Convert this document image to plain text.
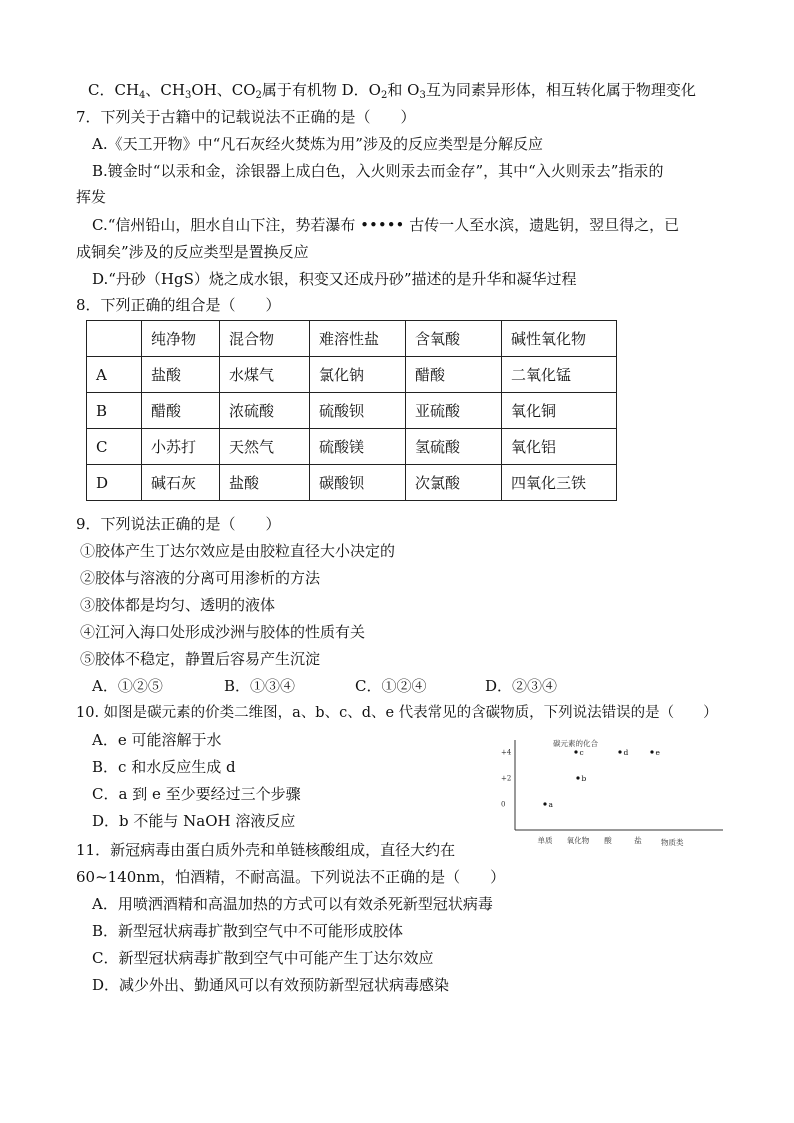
C．$CH_4$、$CH_3OH$、$CO_2$属于有机物 D．$O_2$和 $O_3$互为同素异形体，相互转化属于物理变化
7．下列关于古籍中的记载说法不正确的是（　　）
A.《天工开物》中“凡石灰经火焚炼为用”涉及的反应类型是分解反应
B.镀金时“以汞和金，涂银器上成白色，入火则汞去而金存”，其中“入火则汞去”指汞的
挥发
C.“信州铅山，胆水自山下注，势若瀑布 ••••• 古传一人至水滨，遗匙钥，翌旦得之，已
成铜矣”涉及的反应类型是置换反应
D.“丹砂（HgS）烧之成水银，积变又还成丹砂”描述的是升华和凝华过程
8．下列正确的组合是（　　）
	纯净物	混合物	难溶性盐	含氧酸	碱性氧化物
A	盐酸	水煤气	氯化钠	醋酸	二氧化锰
B	醋酸	浓硫酸	硫酸钡	亚硫酸	氧化铜
C	小苏打	天然气	硫酸镁	氢硫酸	氧化铝
D	碱石灰	盐酸	碳酸钡	次氯酸	四氧化三铁
9．下列说法正确的是（　　）
①胶体产生丁达尔效应是由胶粒直径大小决定的
②胶体与溶液的分离可用渗析的方法
③胶体都是均匀、透明的液体
④江河入海口处形成沙洲与胶体的性质有关
⑤胶体不稳定，静置后容易产生沉淀
A．①②⑤	B．①③④	C．①②④	D．②③④
10. 如图是碳元素的价类二维图，a、b、c、d、e 代表常见的含碳物质，下列说法错误的是（　　）
A．e 可能溶解于水
B．c 和水反应生成 d
C．a 到 e 至少要经过三个步骤
D．b 不能与 NaOH 溶液反应
碳元素的化合
物质类
+4
+2
0
单质 氧化物 酸	盐
a
b
c	d	e
11．新冠病毒由蛋白质外壳和单链核酸组成，直径大约在
60~140nm，怕酒精，不耐高温。下列说法不正确的是（　　）
A．用喷洒酒精和高温加热的方式可以有效杀死新型冠状病毒
B．新型冠状病毒扩散到空气中不可能形成胶体
C．新型冠状病毒扩散到空气中可能产生丁达尔效应
D．减少外出、勤通风可以有效预防新型冠状病毒感染
